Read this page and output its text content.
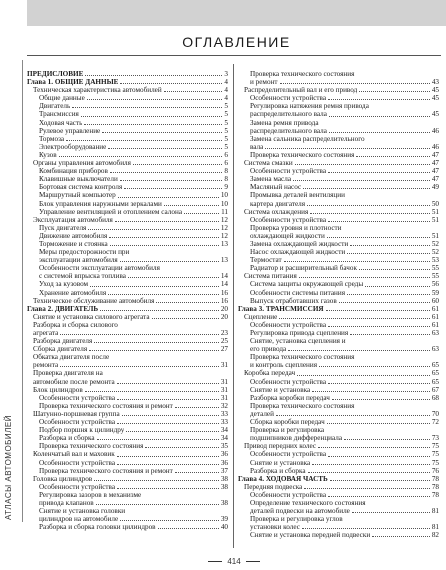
АТЛАСЫ АВТОМОБИЛЕЙ
ОГЛАВЛЕНИЕ
ПРЕДИСЛОВИЕ	3
Глава 1. ОБЩИЕ ДАННЫЕ	4
Техническая характеристика автомобилей	4
Общие данные	4
Двигатель	5
Трансмиссия	5
Ходовая часть	5
Рулевое управление	5
Тормоза	5
Электрооборудование	5
Кузов	6
Органы управления автомобиля	6
Комбинация приборов	8
Клавишные выключатели	8
Бортовая система контроля	9
Маршрутный компьютер	10
Блок управления наружными зеркалами	10
Управление вентиляцией и отоплением салона	11
Эксплуатация автомобиля	12
Пуск двигателя	12
Движение автомобиля	12
Торможение и стоянка	13
Меры предосторожности при
эксплуатации автомобиля	13
Особенности эксплуатации автомобиля
с системой впрыска топлива	14
Уход за кузовом	14
Хранение автомобиля	16
Техническое обслуживание автомобиля	16
Глава 2. ДВИГАТЕЛЬ	20
Снятие и установка силового агрегата	20
Разборка и сборка силового
агрегата	23
Разборка двигателя	25
Сборка двигателя	27
Обкатка двигателя после
ремонта	31
Проверка двигателя на
автомобиле после ремонта	31
Блок цилиндров	31
Особенности устройства	31
Проверка технического состояния и ремонт	32
Шатунно-поршневая группа	33
Особенности устройства	33
Подбор поршня к цилиндру	34
Разборка и сборка	34
Проверка технического состояния	35
Коленчатый вал и маховик	36
Особенности устройства	36
Проверка технического состояния и ремонт	37
Головка цилиндров	38
Особенности устройства	38
Регулировка зазоров в механизме
привода клапанов	38
Снятие и установка головки
цилиндров на автомобиле	39
Разборка и сборка головки цилиндров	40
Проверка технического состояния
и ремонт	43
Распределительный вал и его привод	45
Особенности устройства	45
Регулировка натяжения ремня привода
распределительного вала	45
Замена ремня привода
распределительного вала	46
Замена сальника распределительного
вала	46
Проверка технического состояния	47
Система смазки	47
Особенности устройства	47
Замена масла	47
Масляный насос	49
Промывка деталей вентиляции
картера двигателя	50
Система охлаждения	51
Особенности устройства	51
Проверка уровня и плотности
охлаждающей жидкости	51
Замена охлаждающей жидкости	52
Насос охлаждающей жидкости	52
Термостат	53
Радиатор и расширительный бачок	55
Система питания	55
Система защиты окружающей среды	56
Особенности системы питания	59
Выпуск отработавших газов	60
Глава 3. ТРАНСМИССИЯ	61
Сцепление	61
Особенности устройства	61
Регулировка привода сцепления	63
Снятие, установка сцепления и
его привода	63
Проверка технического состояния
и контроль сцепления	65
Коробка передач	65
Особенности устройства	65
Снятие и установка	67
Разборка коробки передач	68
Проверка технического состояния
деталей	70
Сборка коробки передач	72
Проверка и регулировка
подшипников дифференциала	73
Привод передних колес	75
Особенности устройства	75
Снятие и установка	75
Разборка и сборка	76
Глава 4. ХОДОВАЯ ЧАСТЬ	78
Передняя подвеска	78
Особенности устройства	78
Определение технического состояния
деталей подвески на автомобиле	81
Проверка и регулировка углов
установки колес	81
Снятие и установка передней подвески	82
414
